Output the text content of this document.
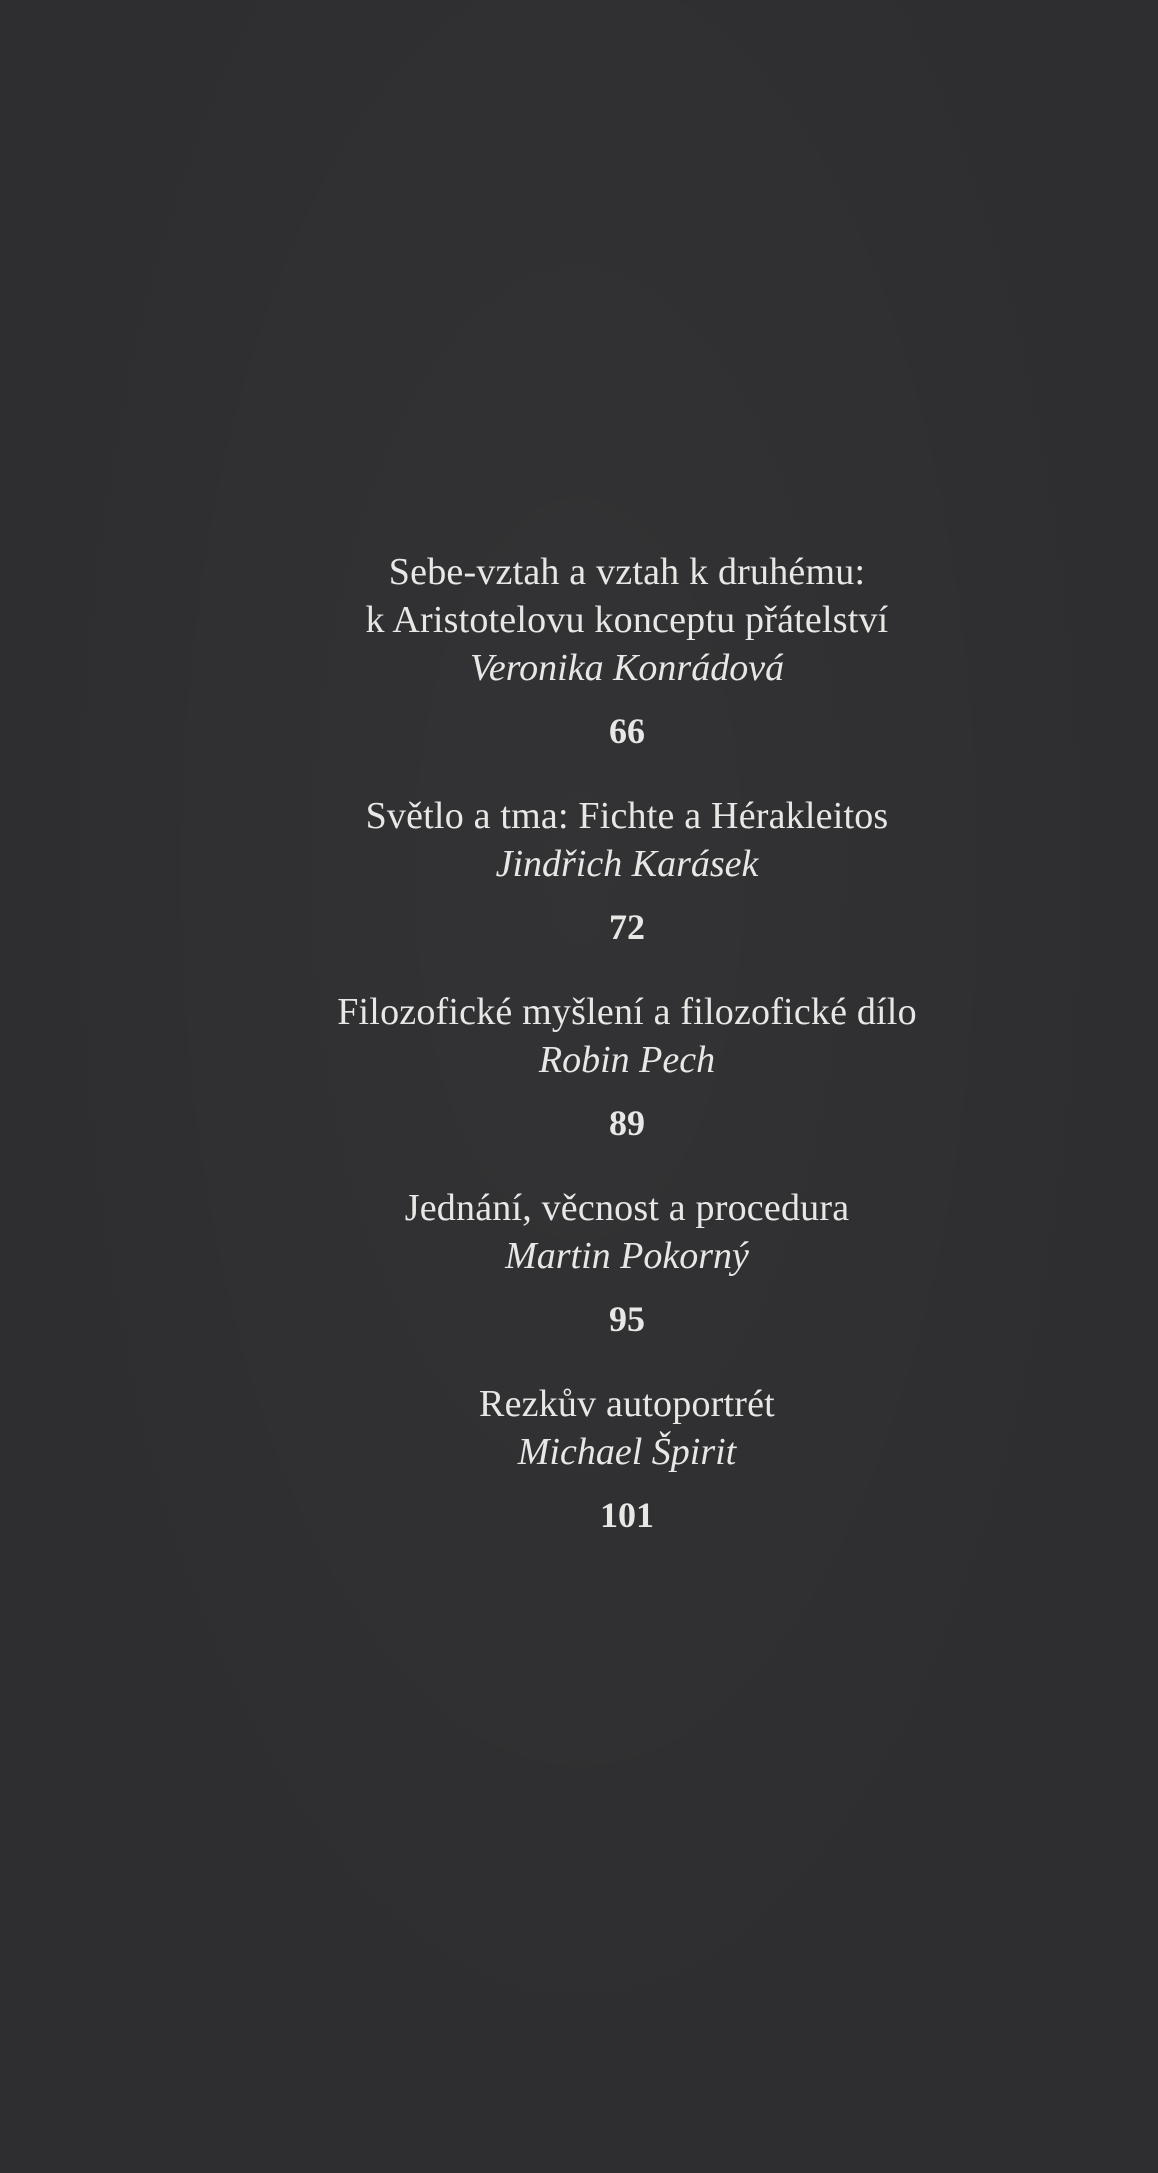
Sebe-vztah a vztah k druhému:
k Aristotelovu konceptu přátelství
Veronika Konrádová
66
Světlo a tma: Fichte a Hérakleitos
Jindřich Karásek
72
Filozofické myšlení a filozofické dílo
Robin Pech
89
Jednání, věcnost a procedura
Martin Pokorný
95
Rezkův autoportrét
Michael Špirit
101
